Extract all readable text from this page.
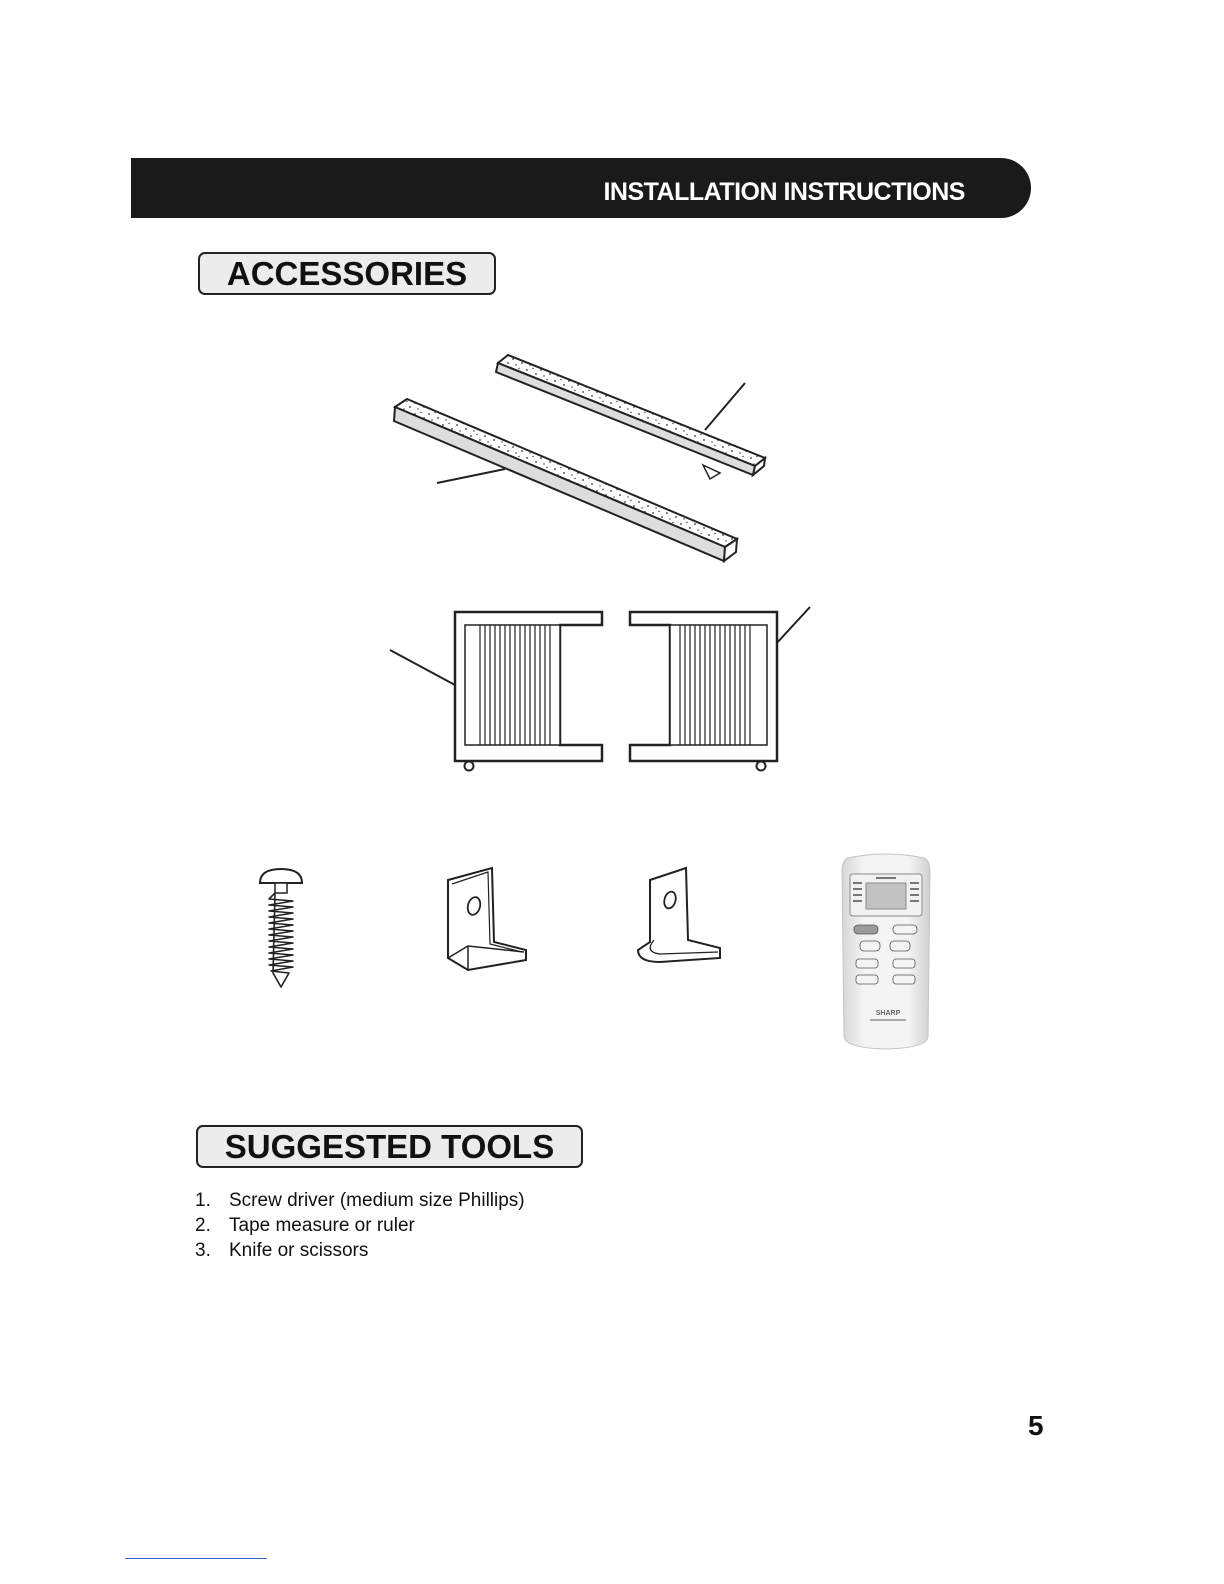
INSTALLATION INSTRUCTIONS
ACCESSORIES
SHARP
SUGGESTED TOOLS
1. Screw driver (medium size Phillips)
2. Tape measure or ruler
3. Knife or scissors
5
